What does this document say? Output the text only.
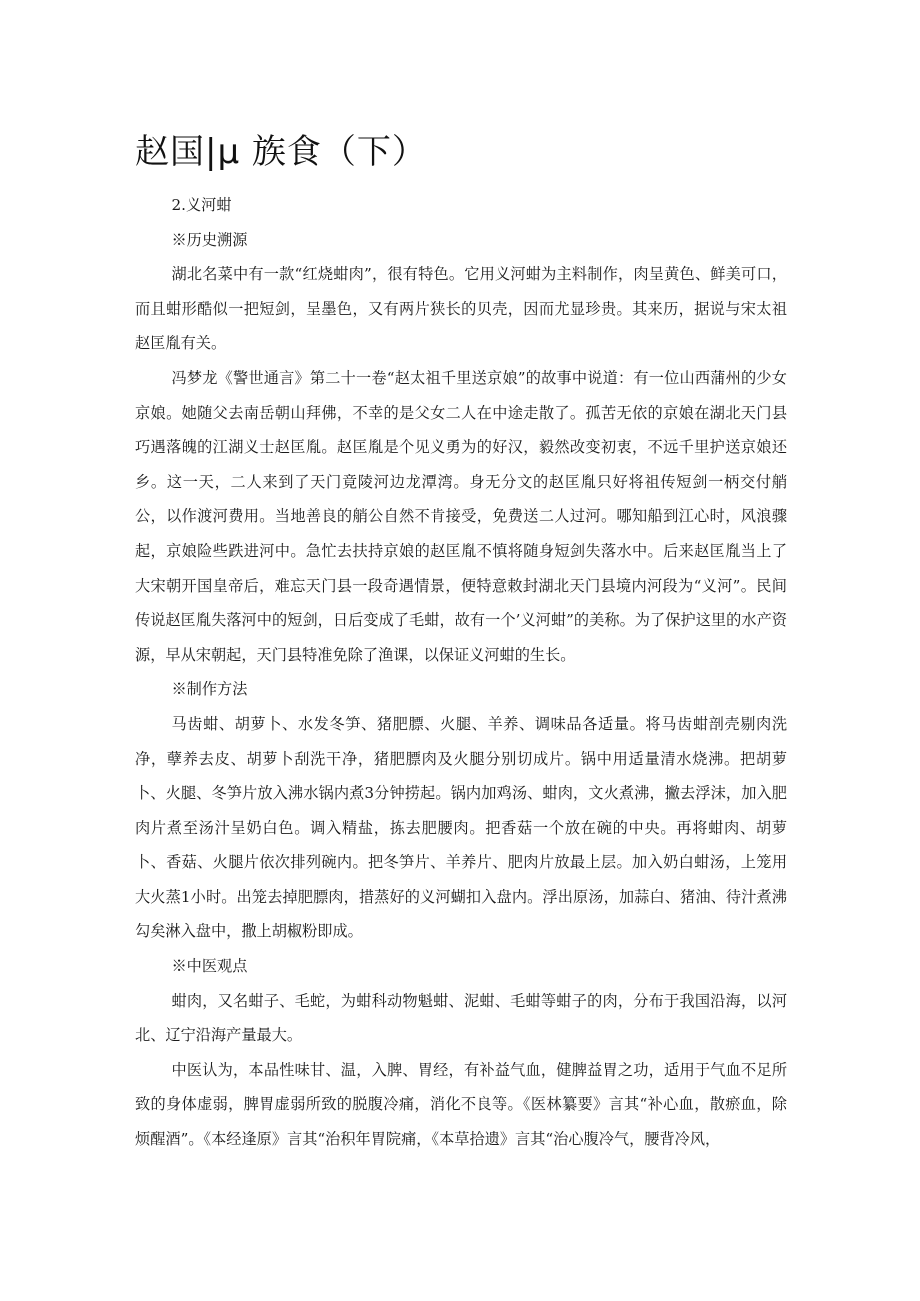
赵国|μ 族食（下）

2.义河蚶

※历史溯源

湖北名菜中有一款“红烧蚶肉”，很有特色。它用义河蚶为主料制作，肉呈黄色、鲜美可口，而且蚶形酷似一把短剑，呈墨色，又有两片狭长的贝壳，因而尤显珍贵。其来历，据说与宋太祖赵匡胤有关。

冯梦龙《警世通言》第二十一卷“赵太祖千里送京娘”的故事中说道：有一位山西蒲州的少女京娘。她随父去南岳朝山拜佛，不幸的是父女二人在中途走散了。孤苦无依的京娘在湖北天门县巧遇落魄的江湖义士赵匡胤。赵匡胤是个见义勇为的好汉，毅然改变初衷，不远千里护送京娘还乡。这一天，二人来到了天门竟陵河边龙潭湾。身无分文的赵匡胤只好将祖传短剑一柄交付艄公，以作渡河费用。当地善良的艄公自然不肯接受，免费送二人过河。哪知船到江心时，风浪骤起，京娘险些跌进河中。急忙去扶持京娘的赵匡胤不慎将随身短剑失落水中。后来赵匡胤当上了大宋朝开国皇帝后，难忘天门县一段奇遇情景，便特意敕封湖北天门县境内河段为“义河”。民间传说赵匡胤失落河中的短剑，日后变成了毛蚶，故有一个’义河蚶”的美称。为了保护这里的水产资源，早从宋朝起，天门县特准免除了渔课，以保证义河蚶的生长。

※制作方法

马齿蚶、胡萝卜、水发冬笋、猪肥膘、火腿、羊养、调味品各适量。将马齿蚶剖壳剔肉洗净，孽养去皮、胡萝卜刮洗干净，猪肥膘肉及火腿分别切成片。锅中用适量清水烧沸。把胡萝卜、火腿、冬笋片放入沸水锅内煮3分钟捞起。锅内加鸡汤、蚶肉，文火煮沸，撇去浮沫，加入肥肉片煮至汤汁呈奶白色。调入精盐，拣去肥腰肉。把香菇一个放在碗的中央。再将蚶肉、胡萝卜、香菇、火腿片依次排列碗内。把冬笋片、羊养片、肥肉片放最上层。加入奶白蚶汤，上笼用大火蒸1小时。出笼去掉肥膘肉，措蒸好的义河蝴扣入盘内。浮出原汤，加蒜白、猪油、待汁煮沸勾矣淋入盘中，撒上胡椒粉即成。

※中医观点

蚶肉，又名蚶子、毛蛇，为蚶科动物魁蚶、泥蚶、毛蚶等蚶子的肉，分布于我国沿海，以河北、辽宁沿海产量最大。

中医认为，本品性味甘、温，入脾、胃经，有补益气血，健脾益胃之功，适用于气血不足所致的身体虚弱，脾胃虚弱所致的脱腹冷痛，消化不良等。《医林纂要》言其“补心血，散瘀血，除烦醒酒”。《本经逢原》言其“治积年胃院痛，《本草拾遗》言其“治心腹冷气，腰背冷风，
